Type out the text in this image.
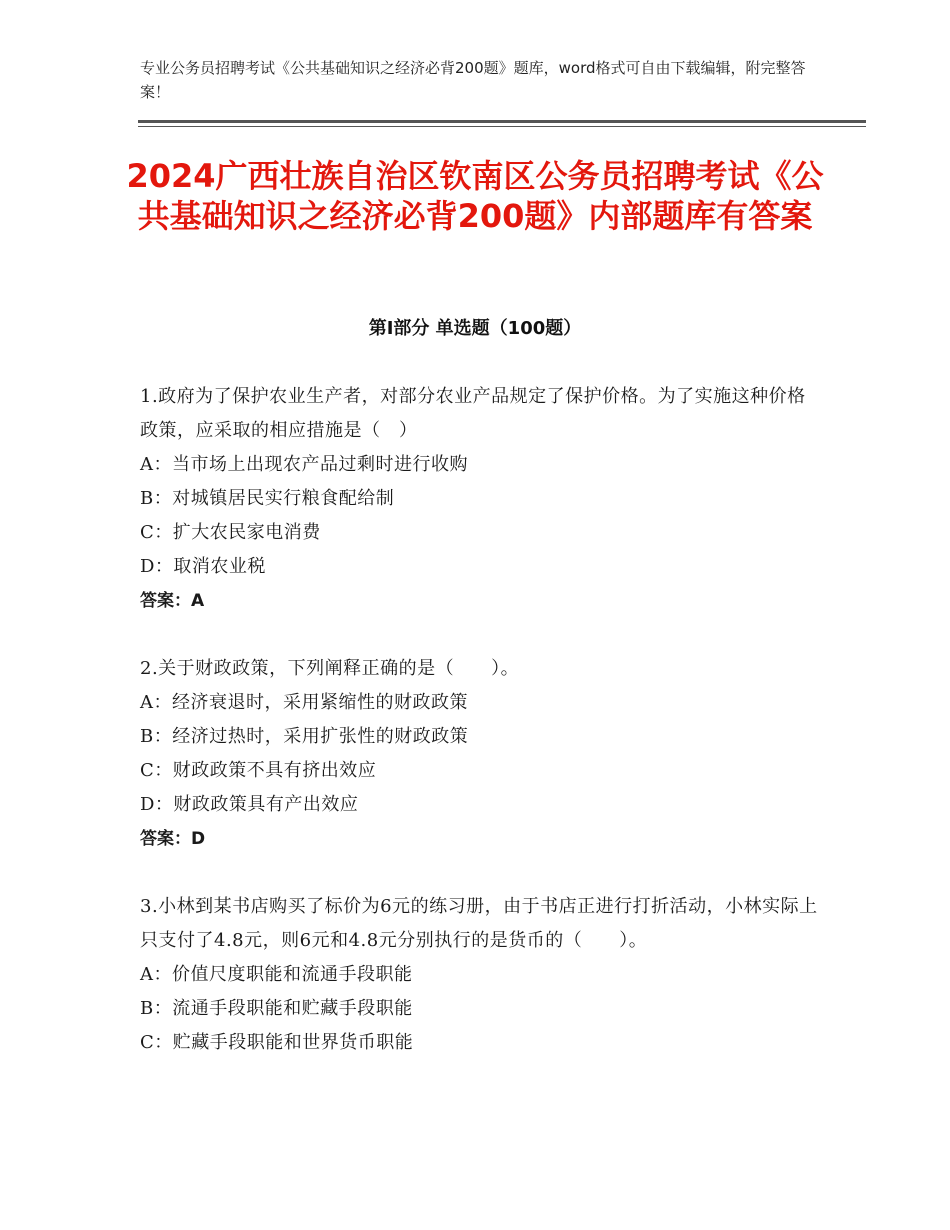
专业公务员招聘考试《公共基础知识之经济必背200题》题库，word格式可自由下载编辑，附完整答案！
2024广西壮族自治区钦南区公务员招聘考试《公共基础知识之经济必背200题》内部题库有答案
第Ⅰ部分 单选题（100题）
1.政府为了保护农业生产者，对部分农业产品规定了保护价格。为了实施这种价格政策，应采取的相应措施是（　）
A：当市场上出现农产品过剩时进行收购
B：对城镇居民实行粮食配给制
C：扩大农民家电消费
D：取消农业税
答案：A
2.关于财政政策，下列阐释正确的是（　　）。
A：经济衰退时，采用紧缩性的财政政策
B：经济过热时，采用扩张性的财政政策
C：财政政策不具有挤出效应
D：财政政策具有产出效应
答案：D
3.小林到某书店购买了标价为6元的练习册，由于书店正进行打折活动，小林实际上只支付了4.8元，则6元和4.8元分别执行的是货币的（　　）。
A：价值尺度职能和流通手段职能
B：流通手段职能和贮藏手段职能
C：贮藏手段职能和世界货币职能
